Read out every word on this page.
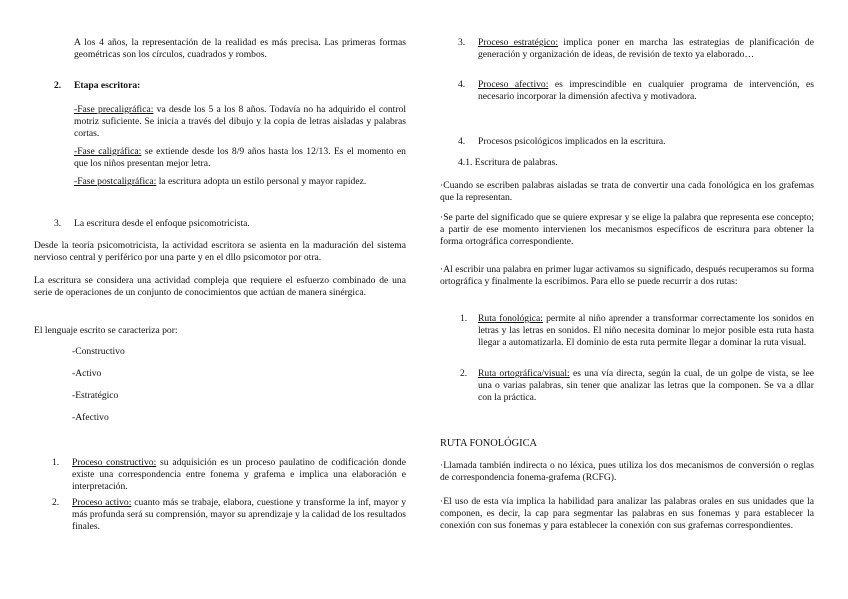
A los 4 años, la representación de la realidad es más precisa. Las primeras formas geométricas son los círculos, cuadrados y rombos.

2.	Etapa escritora:

-Fase precaligráfica: va desde los 5 a los 8 años. Todavía no ha adquirido el control motriz suficiente. Se inicia a través del dibujo y la copia de letras aisladas y palabras cortas.

-Fase caligráfica: se extiende desde los 8/9 años hasta los 12/13. Es el momento en que los niños presentan mejor letra.

-Fase postcaligráfica: la escritura adopta un estilo personal y mayor rapidez.

3.	La escritura desde el enfoque psicomotricista.

Desde la teoría psicomotricista, la actividad escritora se asienta en la maduración del sistema nervioso central y periférico por una parte y en el dllo psicomotor por otra.

La escritura se considera una actividad compleja que requiere el esfuerzo combinado de una serie de operaciones de un conjunto de conocimientos que actúan de manera sinérgica.

El lenguaje escrito se caracteriza por:

-Constructivo

-Activo

-Estratégico

-Afectivo

1.	Proceso constructivo: su adquisición es un proceso paulatino de codificación donde existe una correspondencia entre fonema y grafema e implica una elaboración e interpretación.

2.	Proceso activo: cuanto más se trabaje, elabora, cuestione y transforme la inf, mayor y más profunda será su comprensión, mayor su aprendizaje y la calidad de los resultados finales.

3.	Proceso estratégico: implica poner en marcha las estrategias de planificación de generación y organización de ideas, de revisión de texto ya elaborado…

4.	Proceso afectivo: es imprescindible en cualquier programa de intervención, es necesario incorporar la dimensión afectiva y motivadora.

4.	Procesos psicológicos implicados en la escritura.

4.1. Escritura de palabras.

·Cuando se escriben palabras aisladas se trata de convertir una cada fonológica en los grafemas que la representan.

·Se parte del significado que se quiere expresar y se elige la palabra que representa ese concepto; a partir de ese momento intervienen los mecanismos específicos de escritura para obtener la forma ortográfica correspondiente.

·Al escribir una palabra en primer lugar activamos su significado, después recuperamos su forma ortográfica y finalmente la escribimos. Para ello se puede recurrir a dos rutas:

1.	Ruta fonológica: permite al niño aprender a transformar correctamente los sonidos en letras y las letras en sonidos. El niño necesita dominar lo mejor posible esta ruta hasta llegar a automatizarla. El dominio de esta ruta permite llegar a dominar la ruta visual.

2.	Ruta ortográfica/visual: es una vía directa, según la cual, de un golpe de vista, se lee una o varias palabras, sin tener que analizar las letras que la componen. Se va a dllar con la práctica.

RUTA FONOLÓGICA

·Llamada también indirecta o no léxica, pues utiliza los dos mecanismos de conversión o reglas de correspondencia fonema-grafema (RCFG).

·El uso de esta vía implica la habilidad para analizar las palabras orales en sus unidades que la componen, es decir, la cap para segmentar las palabras en sus fonemas y para establecer la conexión con sus fonemas y para establecer la conexión con sus grafemas correspondientes.
